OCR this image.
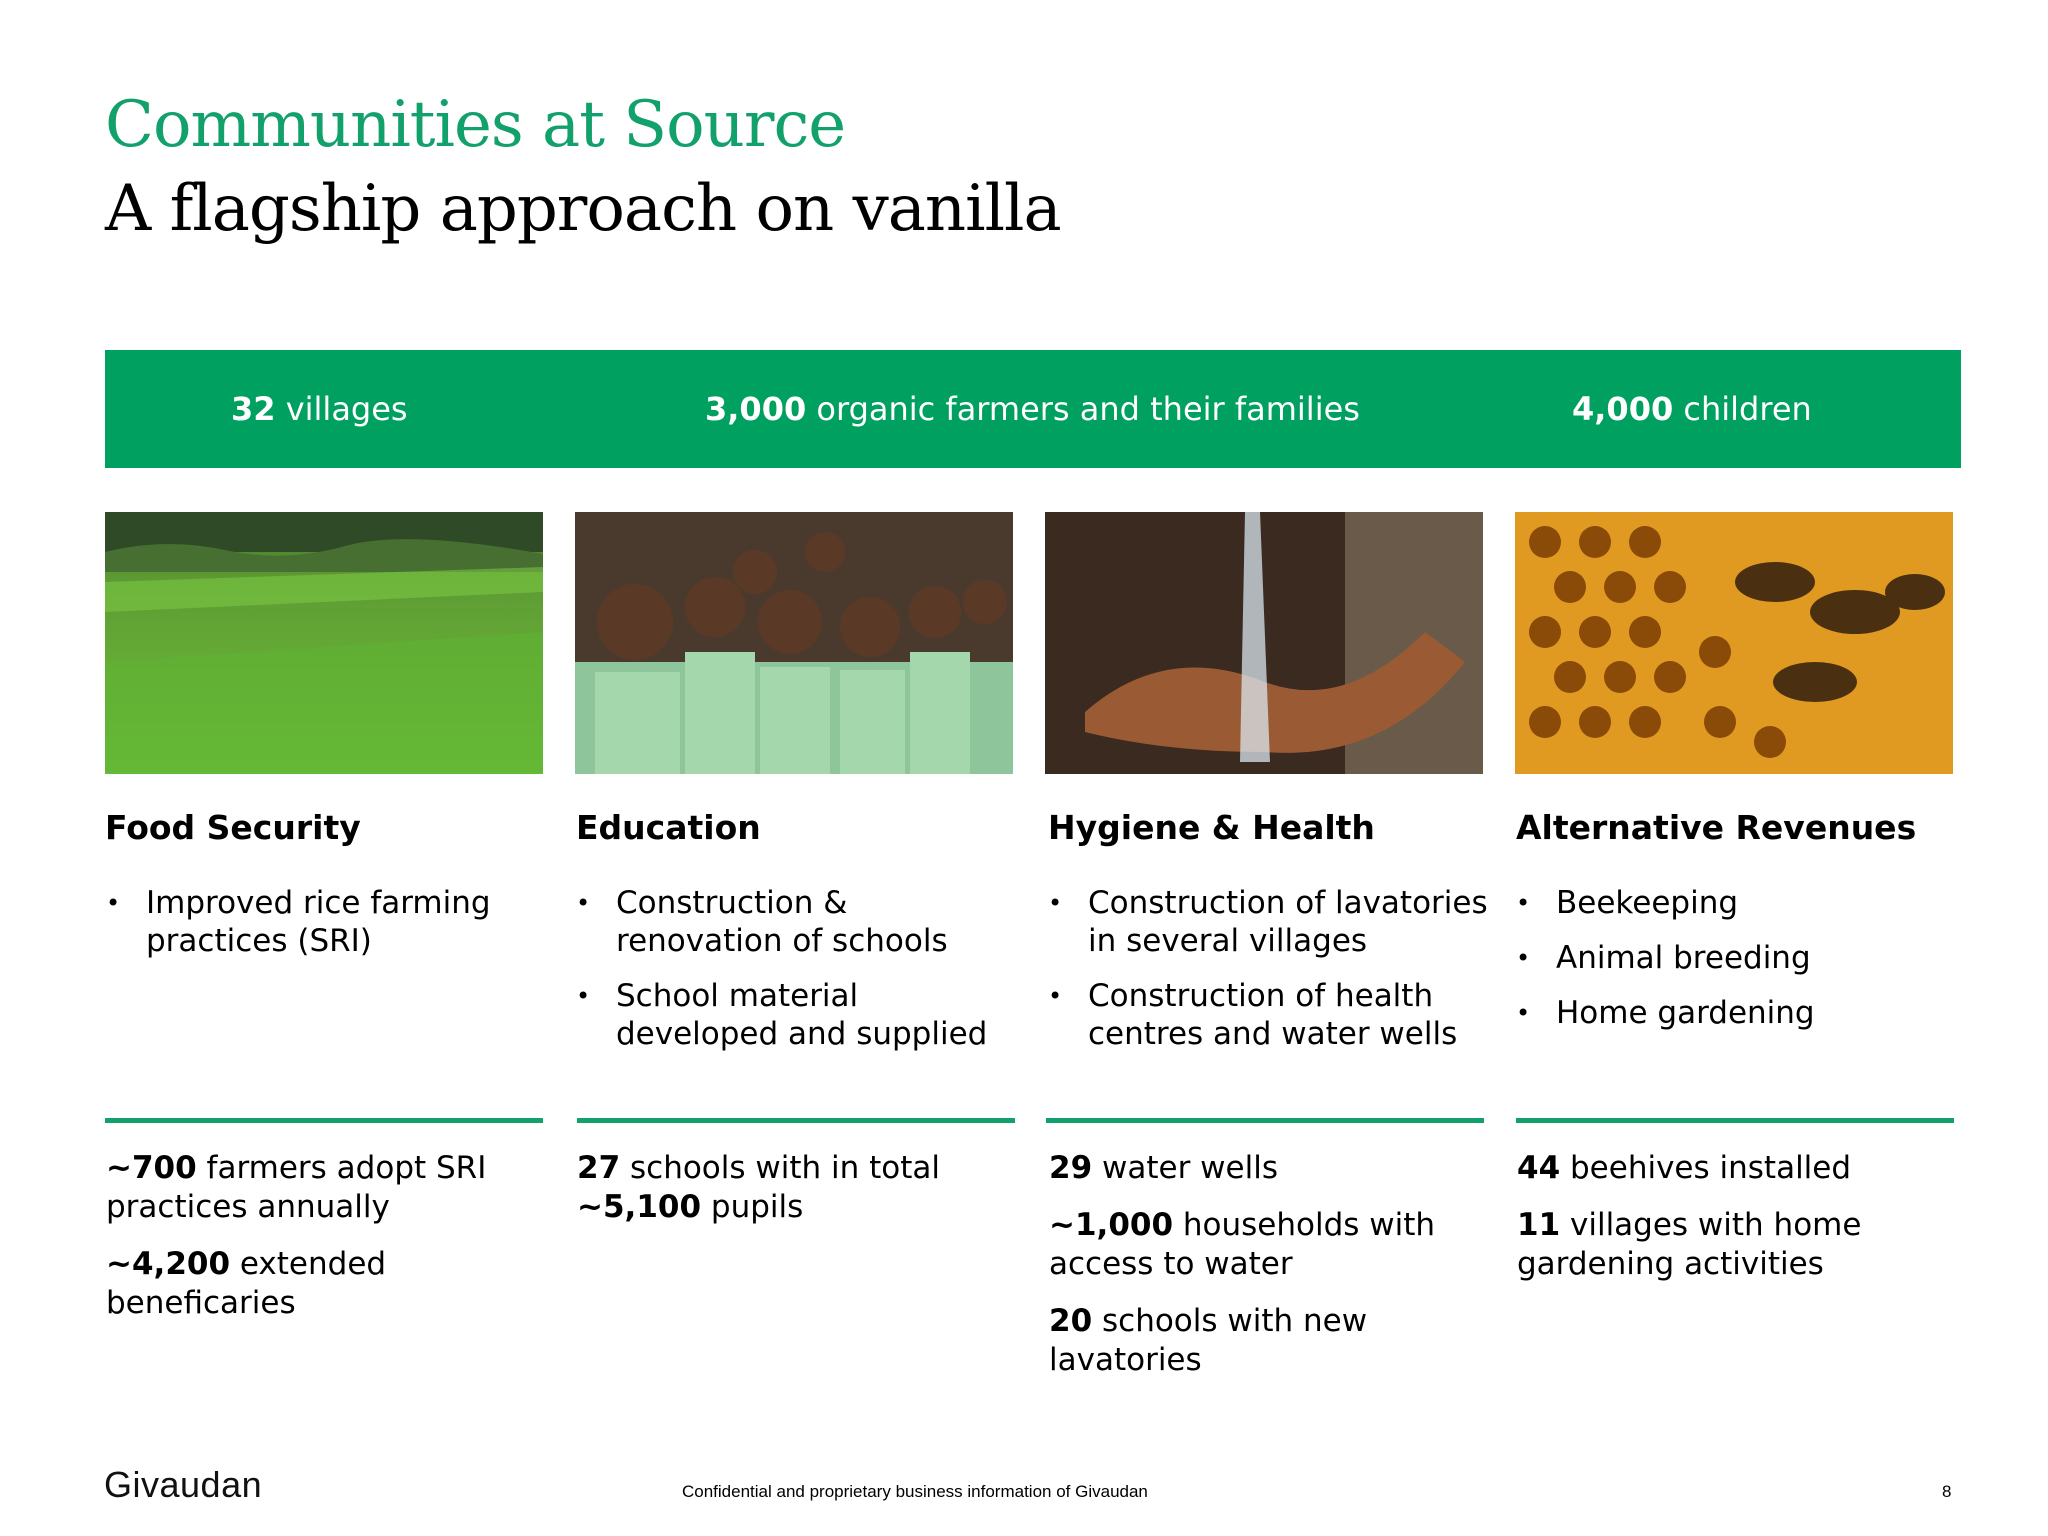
Communities at Source
A flagship approach on vanilla
32 villages	3,000 organic farmers and their families	4,000 children
Food Security	Education	Hygiene & Health	Alternative Revenues
• Improved rice farming practices (SRI)
• Construction & renovation of schools
• School material developed and supplied
• Construction of lavatories in several villages
• Construction of health centres and water wells
• Beekeeping
• Animal breeding
• Home gardening

~700 farmers adopt SRI practices annually

~4,200 extended beneficaries

27 schools with in total
~5,100 pupils

29 water wells

~1,000 households with access to water

20 schools with new lavatories

44 beehives installed

11 villages with home gardening activities

Givaudan	Confidential and proprietary business information of Givaudan	8
